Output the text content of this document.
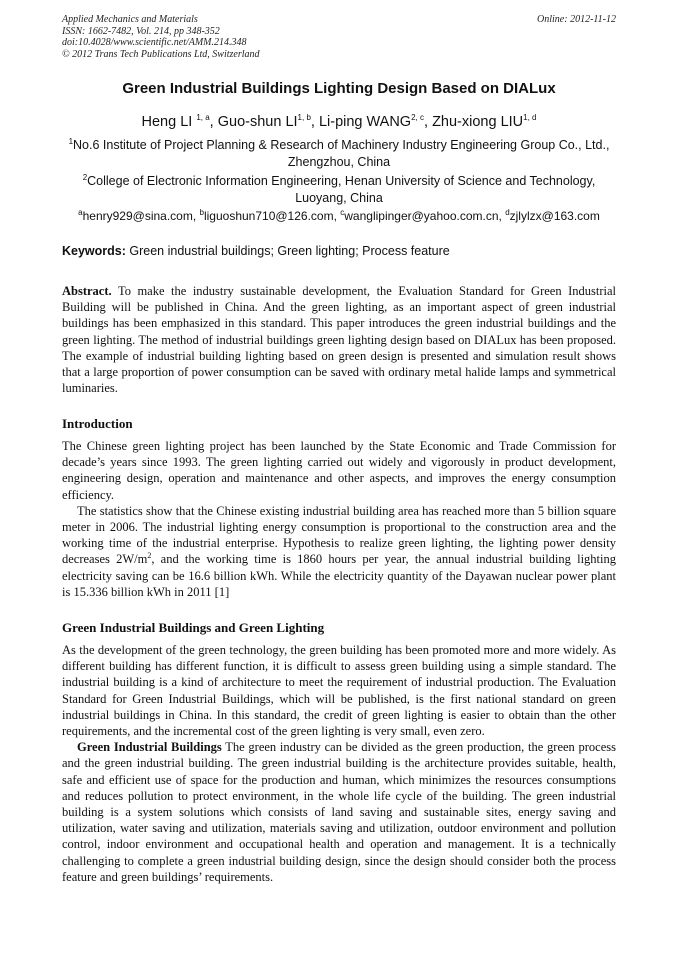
Applied Mechanics and Materials
ISSN: 1662-7482, Vol. 214, pp 348-352
doi:10.4028/www.scientific.net/AMM.214.348
© 2012 Trans Tech Publications Ltd, Switzerland
Online: 2012-11-12
Green Industrial Buildings Lighting Design Based on DIALux
Heng LI $^{1, a}$, Guo-shun LI$^{1, b}$, Li-ping WANG$^{2, c}$, Zhu-xiong LIU$^{1, d}$
$^1$No.6 Institute of Project Planning & Research of Machinery Industry Engineering Group Co., Ltd.,
Zhengzhou, China
$^2$College of Electronic Information Engineering, Henan University of Science and Technology,
Luoyang, China
$^a$henry929@sina.com, $^b$liguoshun710@126.com, $^c$wanglipinger@yahoo.com.cn, $^d$zjlylzx@163.com
Keywords: Green industrial buildings; Green lighting; Process feature

Abstract. To make the industry sustainable development, the Evaluation Standard for Green Industrial Building will be published in China. And the green lighting, as an important aspect of green industrial buildings has been emphasized in this standard. This paper introduces the green industrial buildings and the green lighting. The method of industrial buildings green lighting design based on DIALux has been proposed. The example of industrial building lighting based on green design is presented and simulation result shows that a large proportion of power consumption can be saved with ordinary metal halide lamps and symmetrical luminaries.

Introduction

The Chinese green lighting project has been launched by the State Economic and Trade Commission for decade’s years since 1993. The green lighting carried out widely and vigorously in product development, engineering design, operation and maintenance and other aspects, and improves the energy consumption efficiency.

The statistics show that the Chinese existing industrial building area has reached more than 5 billion square meter in 2006. The industrial lighting energy consumption is proportional to the construction area and the working time of the industrial enterprise. Hypothesis to realize green lighting, the lighting power density decreases $2W/m^2$, and the working time is 1860 hours per year, the annual industrial building lighting electricity saving can be 16.6 billion kWh. While the electricity quantity of the Dayawan nuclear power plant is 15.336 billion kWh in 2011 [1]

Green Industrial Buildings and Green Lighting

As the development of the green technology, the green building has been promoted more and more widely. As different building has different function, it is difficult to assess green building using a simple standard. The industrial building is a kind of architecture to meet the requirement of industrial production. The Evaluation Standard for Green Industrial Buildings, which will be published, is the first national standard on green industrial buildings in China. In this standard, the credit of green lighting is easier to obtain than the other requirements, and the incremental cost of the green lighting is very small, even zero.

Green Industrial Buildings The green industry can be divided as the green production, the green process and the green industrial building. The green industrial building is the architecture provides suitable, health, safe and efficient use of space for the production and human, which minimizes the resources consumptions and reduces pollution to protect environment, in the whole life cycle of the building. The green industrial building is a system solutions which consists of land saving and sustainable sites, energy saving and utilization, water saving and utilization, materials saving and utilization, outdoor environment and pollution control, indoor environment and occupational health and operation and management. It is a technically challenging to complete a green industrial building design, since the design should consider both the process feature and green buildings’ requirements.
